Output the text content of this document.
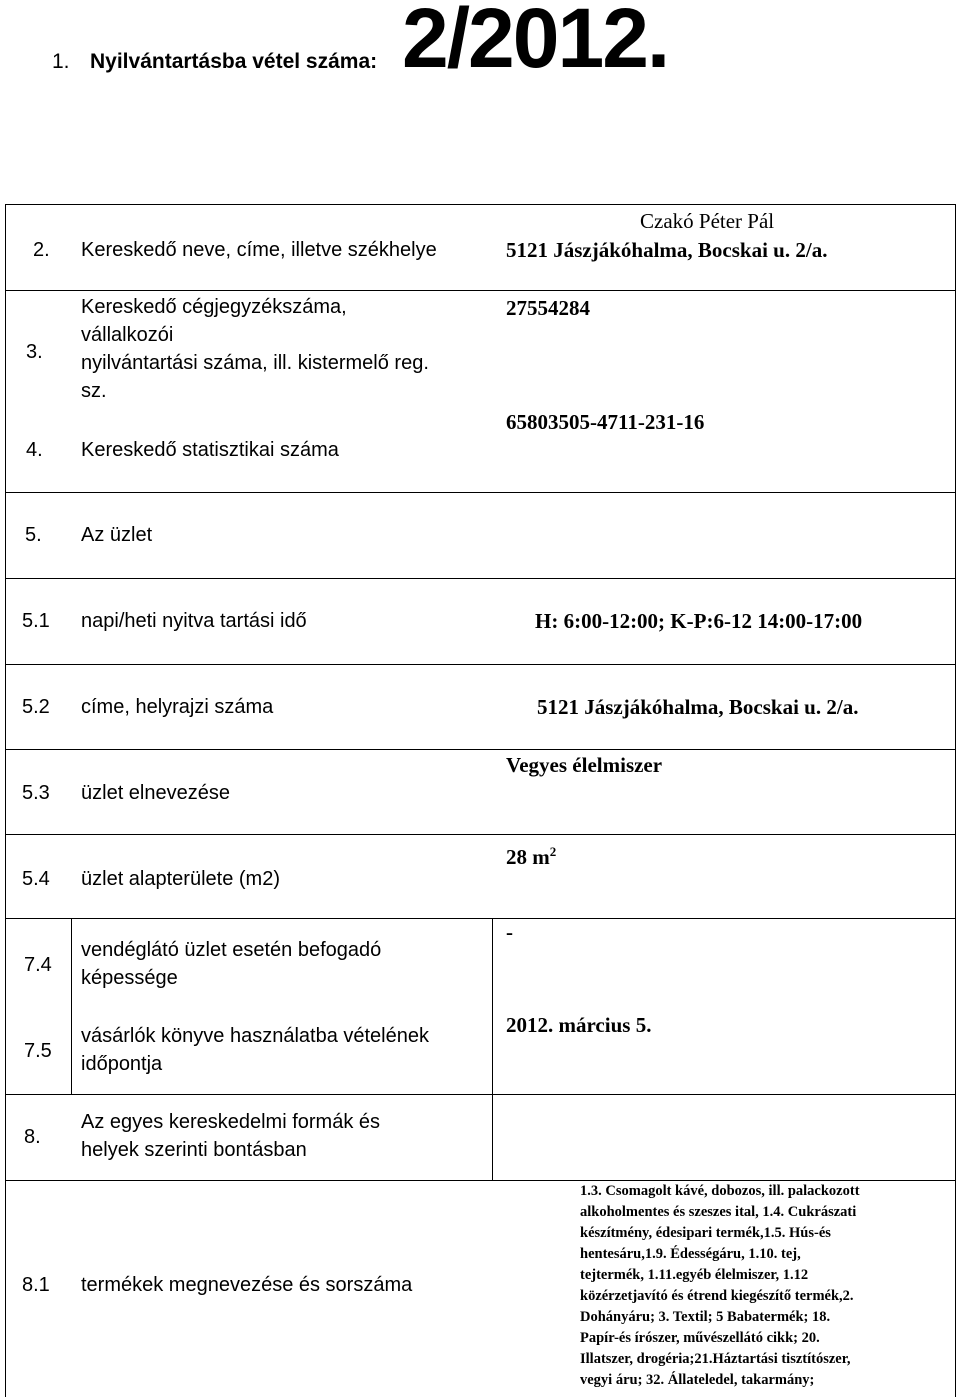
1. Nyilvántartásba vétel száma: 2/2012.
2. Kereskedő neve, címe, illetve székhelye
Czakó Péter Pál
5121 Jászjákóhalma, Bocskai u. 2/a.
3.
Kereskedő cégjegyzékszáma,
vállalkozói
nyilvántartási száma, ill. kistermelő reg.
sz.
27554284
4. Kereskedő statisztikai száma
65803505-4711-231-16
5. Az üzlet
5.1 napi/heti nyitva tartási idő	H: 6:00-12:00; K-P:6-12 14:00-17:00
5.2 címe, helyrajzi száma	5121 Jászjákóhalma, Bocskai u. 2/a.
5.3 üzlet elnevezése
Vegyes élelmiszer
5.4 üzlet alapterülete (m2)
28 $m^2$
7.4
vendéglátó üzlet esetén befogadó
képessége
-
7.5
vásárlók könyve használatba vételének
időpontja
2012. március 5.
8.
Az egyes kereskedelmi formák és
helyek szerinti bontásban
8.1 termékek megnevezése és sorszáma
1.3. Csomagolt kávé, dobozos, ill. palackozott
alkoholmentes és szeszes ital, 1.4. Cukrászati
készítmény, édesipari termék,1.5. Hús-és
hentesáru,1.9. Édességáru, 1.10. tej,
tejtermék, 1.11.egyéb élelmiszer, 1.12
közérzetjavító és étrend kiegészítő termék,2.
Dohányáru; 3. Textil; 5 Babatermék; 18.
Papír-és írószer, művészellátó cikk; 20.
Illatszer, drogéria;21.Háztartási tisztítószer,
vegyi áru; 32. Állateledel, takarmány;
